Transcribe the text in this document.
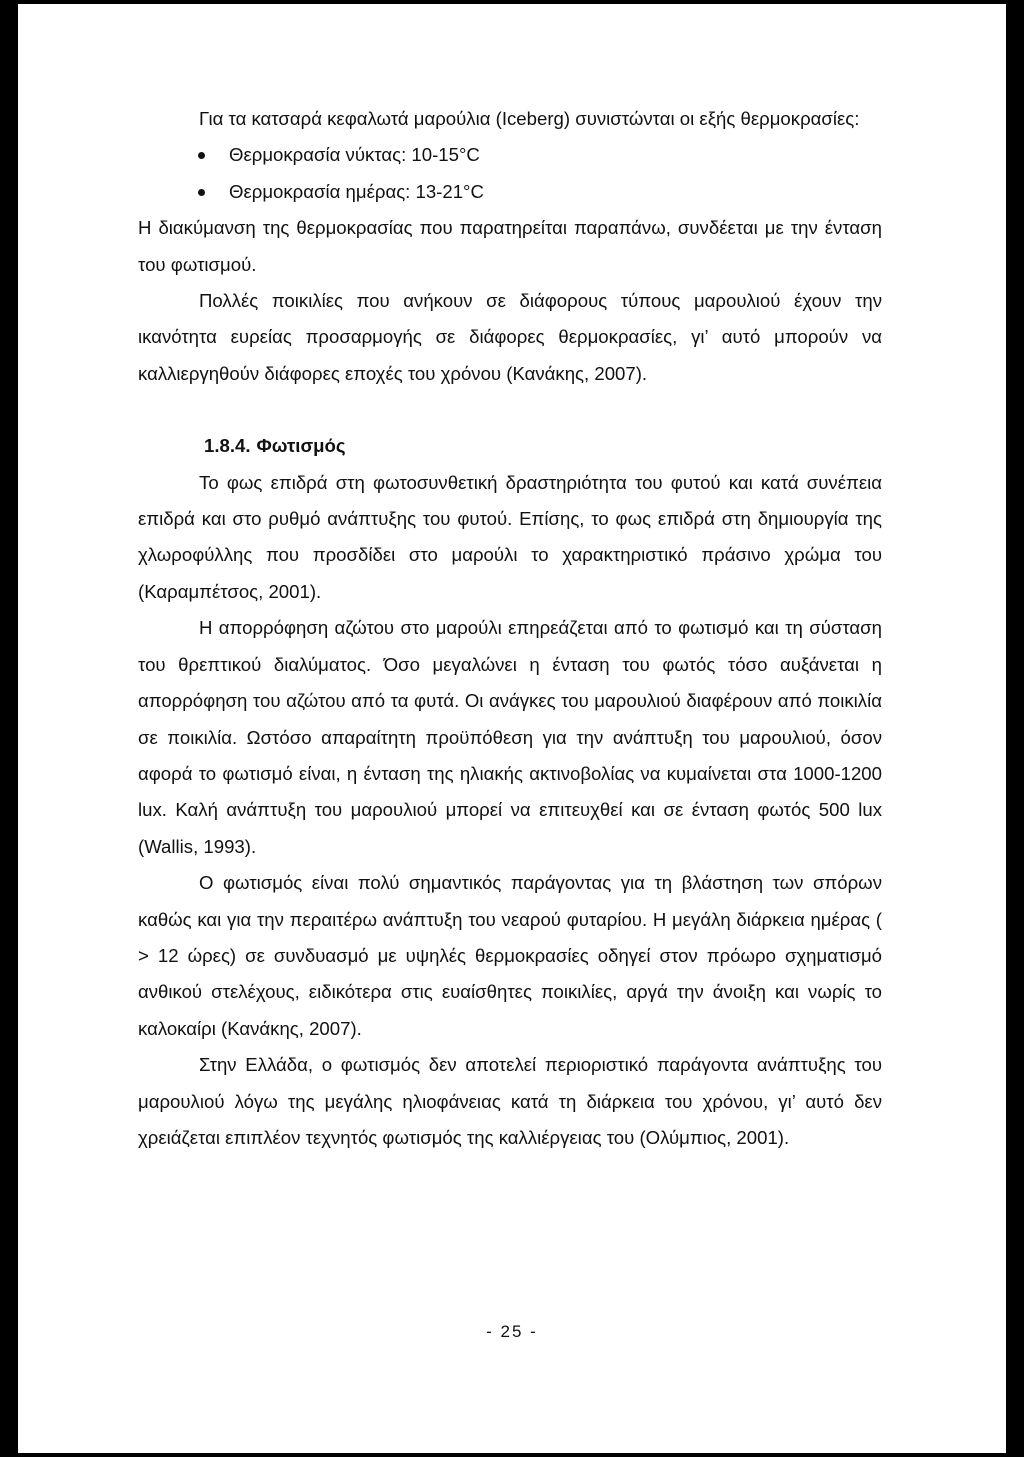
Για τα κατσαρά κεφαλωτά μαρούλια (Iceberg) συνιστώνται οι εξής θερμοκρασίες:

Θερμοκρασία νύκτας: 10-15°C
Θερμοκρασία ημέρας: 13-21°C

Η διακύμανση της θερμοκρασίας που παρατηρείται παραπάνω, συνδέεται με την ένταση του φωτισμού.

Πολλές ποικιλίες που ανήκουν σε διάφορους τύπους μαρουλιού έχουν την ικανότητα ευρείας προσαρμογής σε διάφορες θερμοκρασίες, γι’ αυτό μπορούν να καλλιεργηθούν διάφορες εποχές του χρόνου (Κανάκης, 2007).

1.8.4. Φωτισμός

Το φως επιδρά στη φωτοσυνθετική δραστηριότητα του φυτού και κατά συνέπεια επιδρά και στο ρυθμό ανάπτυξης του φυτού. Επίσης, το φως επιδρά στη δημιουργία της χλωροφύλλης που προσδίδει στο μαρούλι το χαρακτηριστικό πράσινο χρώμα του (Καραμπέτσος, 2001).

Η απορρόφηση αζώτου στο μαρούλι επηρεάζεται από το φωτισμό και τη σύσταση του θρεπτικού διαλύματος. Όσο μεγαλώνει η ένταση του φωτός τόσο αυξάνεται η απορρόφηση του αζώτου από τα φυτά. Οι ανάγκες του μαρουλιού διαφέρουν από ποικιλία σε ποικιλία. Ωστόσο απαραίτητη προϋπόθεση για την ανάπτυξη του μαρουλιού, όσον αφορά το φωτισμό είναι, η ένταση της ηλιακής ακτινοβολίας να κυμαίνεται στα 1000-1200 lux. Καλή ανάπτυξη του μαρουλιού μπορεί να επιτευχθεί και σε ένταση φωτός 500 lux (Wallis, 1993).

Ο φωτισμός είναι πολύ σημαντικός παράγοντας για τη βλάστηση των σπόρων καθώς και για την περαιτέρω ανάπτυξη του νεαρού φυταρίου. Η μεγάλη διάρκεια ημέρας ( > 12 ώρες) σε συνδυασμό με υψηλές θερμοκρασίες οδηγεί στον πρόωρο σχηματισμό ανθικού στελέχους, ειδικότερα στις ευαίσθητες ποικιλίες, αργά την άνοιξη και νωρίς το καλοκαίρι (Κανάκης, 2007).

Στην Ελλάδα, ο φωτισμός δεν αποτελεί περιοριστικό παράγοντα ανάπτυξης του μαρουλιού λόγω της μεγάλης ηλιοφάνειας κατά τη διάρκεια του χρόνου, γι’ αυτό δεν χρειάζεται επιπλέον τεχνητός φωτισμός της καλλιέργειας του (Ολύμπιος, 2001).

- 25 -
